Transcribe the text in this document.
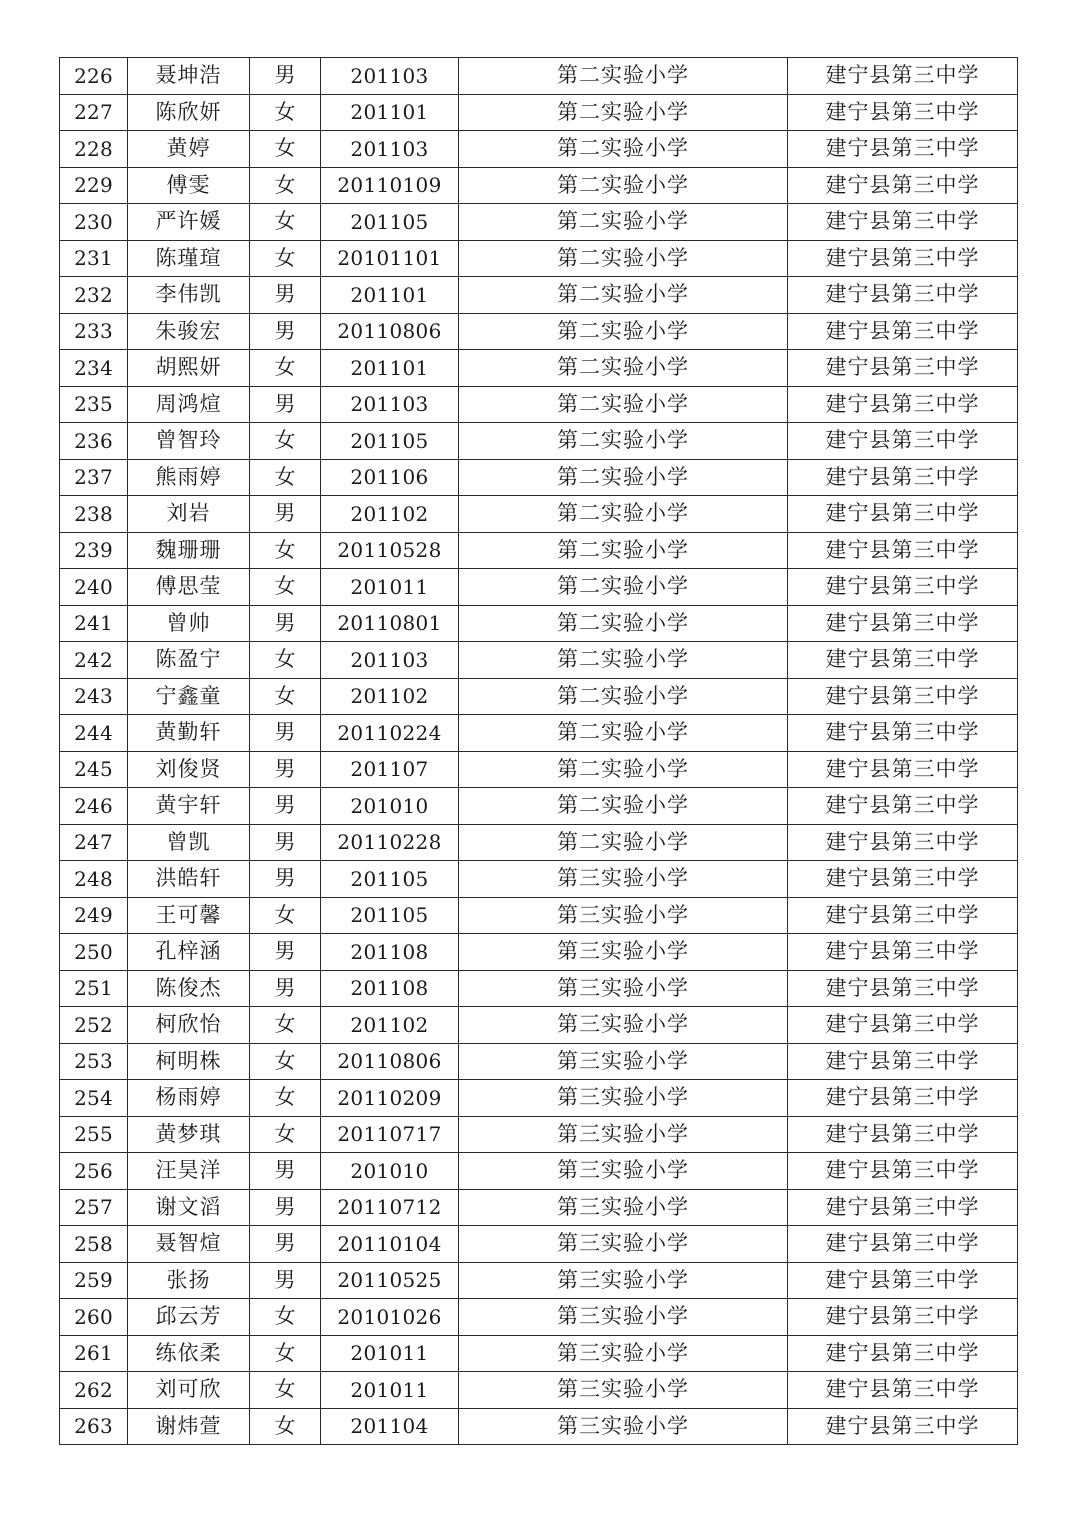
226	聂坤浩	男	201103	第二实验小学	建宁县第三中学
227	陈欣妍	女	201101	第二实验小学	建宁县第三中学
228	黄婷	女	201103	第二实验小学	建宁县第三中学
229	傅雯	女	20110109	第二实验小学	建宁县第三中学
230	严许媛	女	201105	第二实验小学	建宁县第三中学
231	陈瑾瑄	女	20101101	第二实验小学	建宁县第三中学
232	李伟凯	男	201101	第二实验小学	建宁县第三中学
233	朱骏宏	男	20110806	第二实验小学	建宁县第三中学
234	胡熙妍	女	201101	第二实验小学	建宁县第三中学
235	周鸿煊	男	201103	第二实验小学	建宁县第三中学
236	曾智玲	女	201105	第二实验小学	建宁县第三中学
237	熊雨婷	女	201106	第二实验小学	建宁县第三中学
238	刘岩	男	201102	第二实验小学	建宁县第三中学
239	魏珊珊	女	20110528	第二实验小学	建宁县第三中学
240	傅思莹	女	201011	第二实验小学	建宁县第三中学
241	曾帅	男	20110801	第二实验小学	建宁县第三中学
242	陈盈宁	女	201103	第二实验小学	建宁县第三中学
243	宁鑫童	女	201102	第二实验小学	建宁县第三中学
244	黄勤轩	男	20110224	第二实验小学	建宁县第三中学
245	刘俊贤	男	201107	第二实验小学	建宁县第三中学
246	黄宇轩	男	201010	第二实验小学	建宁县第三中学
247	曾凯	男	20110228	第二实验小学	建宁县第三中学
248	洪皓轩	男	201105	第三实验小学	建宁县第三中学
249	王可馨	女	201105	第三实验小学	建宁县第三中学
250	孔梓涵	男	201108	第三实验小学	建宁县第三中学
251	陈俊杰	男	201108	第三实验小学	建宁县第三中学
252	柯欣怡	女	201102	第三实验小学	建宁县第三中学
253	柯明株	女	20110806	第三实验小学	建宁县第三中学
254	杨雨婷	女	20110209	第三实验小学	建宁县第三中学
255	黄梦琪	女	20110717	第三实验小学	建宁县第三中学
256	汪昊洋	男	201010	第三实验小学	建宁县第三中学
257	谢文滔	男	20110712	第三实验小学	建宁县第三中学
258	聂智煊	男	20110104	第三实验小学	建宁县第三中学
259	张扬	男	20110525	第三实验小学	建宁县第三中学
260	邱云芳	女	20101026	第三实验小学	建宁县第三中学
261	练依柔	女	201011	第三实验小学	建宁县第三中学
262	刘可欣	女	201011	第三实验小学	建宁县第三中学
263	谢炜萱	女	201104	第三实验小学	建宁县第三中学
